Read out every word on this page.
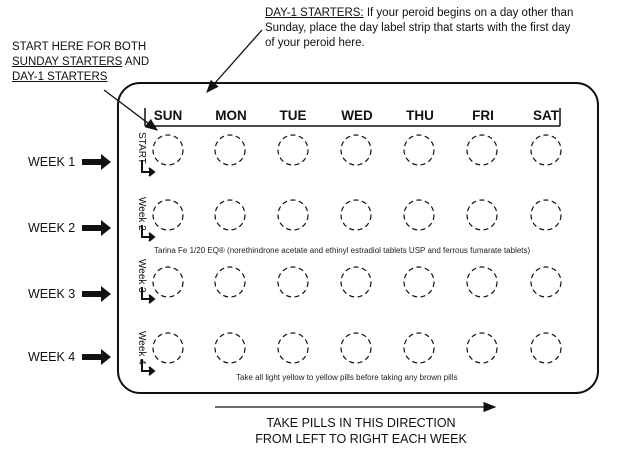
DAY-1 STARTERS: If your peroid begins on a day other than
Sunday, place the day label strip that starts with the first day
of your peroid here.
START HERE FOR BOTH
SUNDAY STARTERS AND
DAY-1 STARTERS
SUN	MON	TUE	WED	THU	FRI	SAT
WEEK 1
WEEK 2
WEEK 3
WEEK 4
START
Week 2
Week 3
Week 4
Tarina Fe 1/20 EQ® (norethindrone acetate and ethinyl estradiol tablets USP and ferrous fumarate tablets)
Take all light yellow to yellow pills before taking any brown pills
TAKE PILLS IN THIS DIRECTION
FROM LEFT TO RIGHT EACH WEEK
